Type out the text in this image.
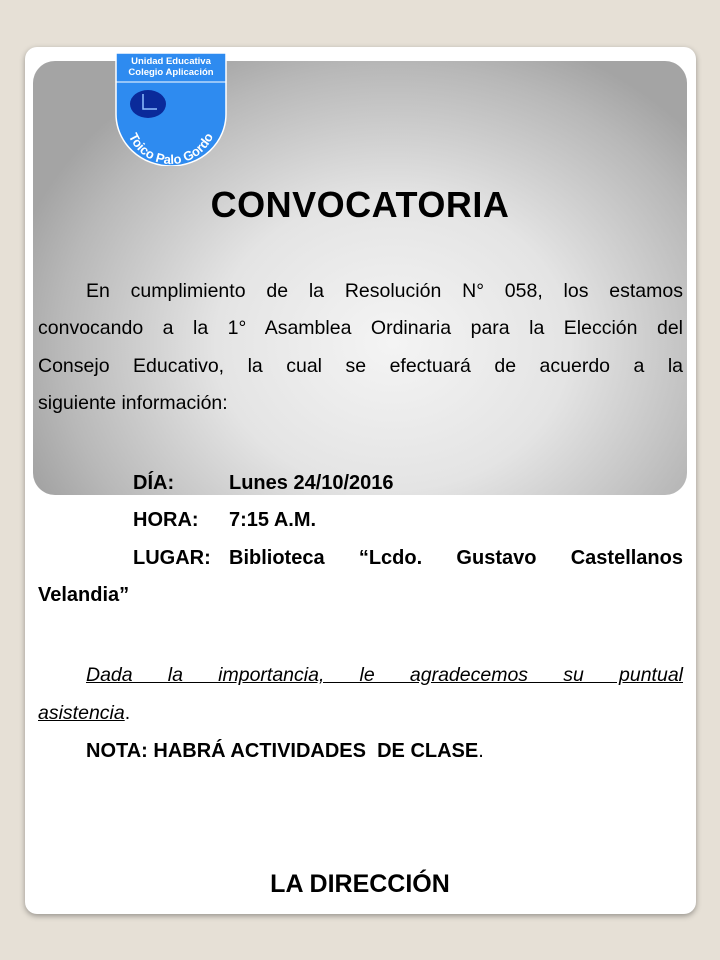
Unidad Educativa
Colegio Aplicación
Toico Palo Gordo
CONVOCATORIA
En cumplimiento de la Resolución N° 058, los estamos
convocando a la 1° Asamblea Ordinaria para la Elección del
Consejo Educativo, la cual se efectuará de acuerdo a la
siguiente información:
DÍA:	Lunes 24/10/2016
HORA: 7:15 A.M.
LUGAR: Biblioteca “Lcdo. Gustavo Castellanos
Velandia”
Dada la importancia, le agradecemos su puntual
asistencia.
NOTA: HABRÁ ACTIVIDADES  DE CLASE.
LA DIRECCIÓN
